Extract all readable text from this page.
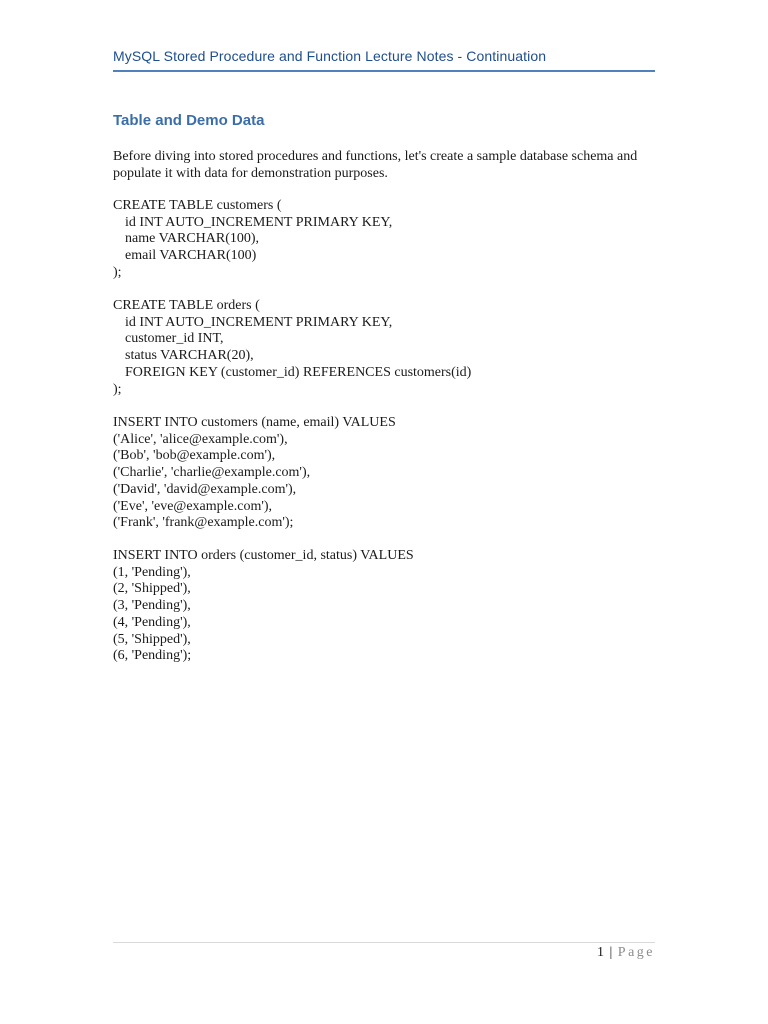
MySQL Stored Procedure and Function Lecture Notes - Continuation
Table and Demo Data

Before diving into stored procedures and functions, let's create a sample database schema and populate it with data for demonstration purposes.

CREATE TABLE customers (
id INT AUTO_INCREMENT PRIMARY KEY,
name VARCHAR(100),
email VARCHAR(100)
);
CREATE TABLE orders (
id INT AUTO_INCREMENT PRIMARY KEY,
customer_id INT,
status VARCHAR(20),
FOREIGN KEY (customer_id) REFERENCES customers(id)
);
INSERT INTO customers (name, email) VALUES
('Alice', 'alice@example.com'),
('Bob', 'bob@example.com'),
('Charlie', 'charlie@example.com'),
('David', 'david@example.com'),
('Eve', 'eve@example.com'),
('Frank', 'frank@example.com');
INSERT INTO orders (customer_id, status) VALUES
(1, 'Pending'),
(2, 'Shipped'),
(3, 'Pending'),
(4, 'Pending'),
(5, 'Shipped'),
(6, 'Pending');
1 | Page
